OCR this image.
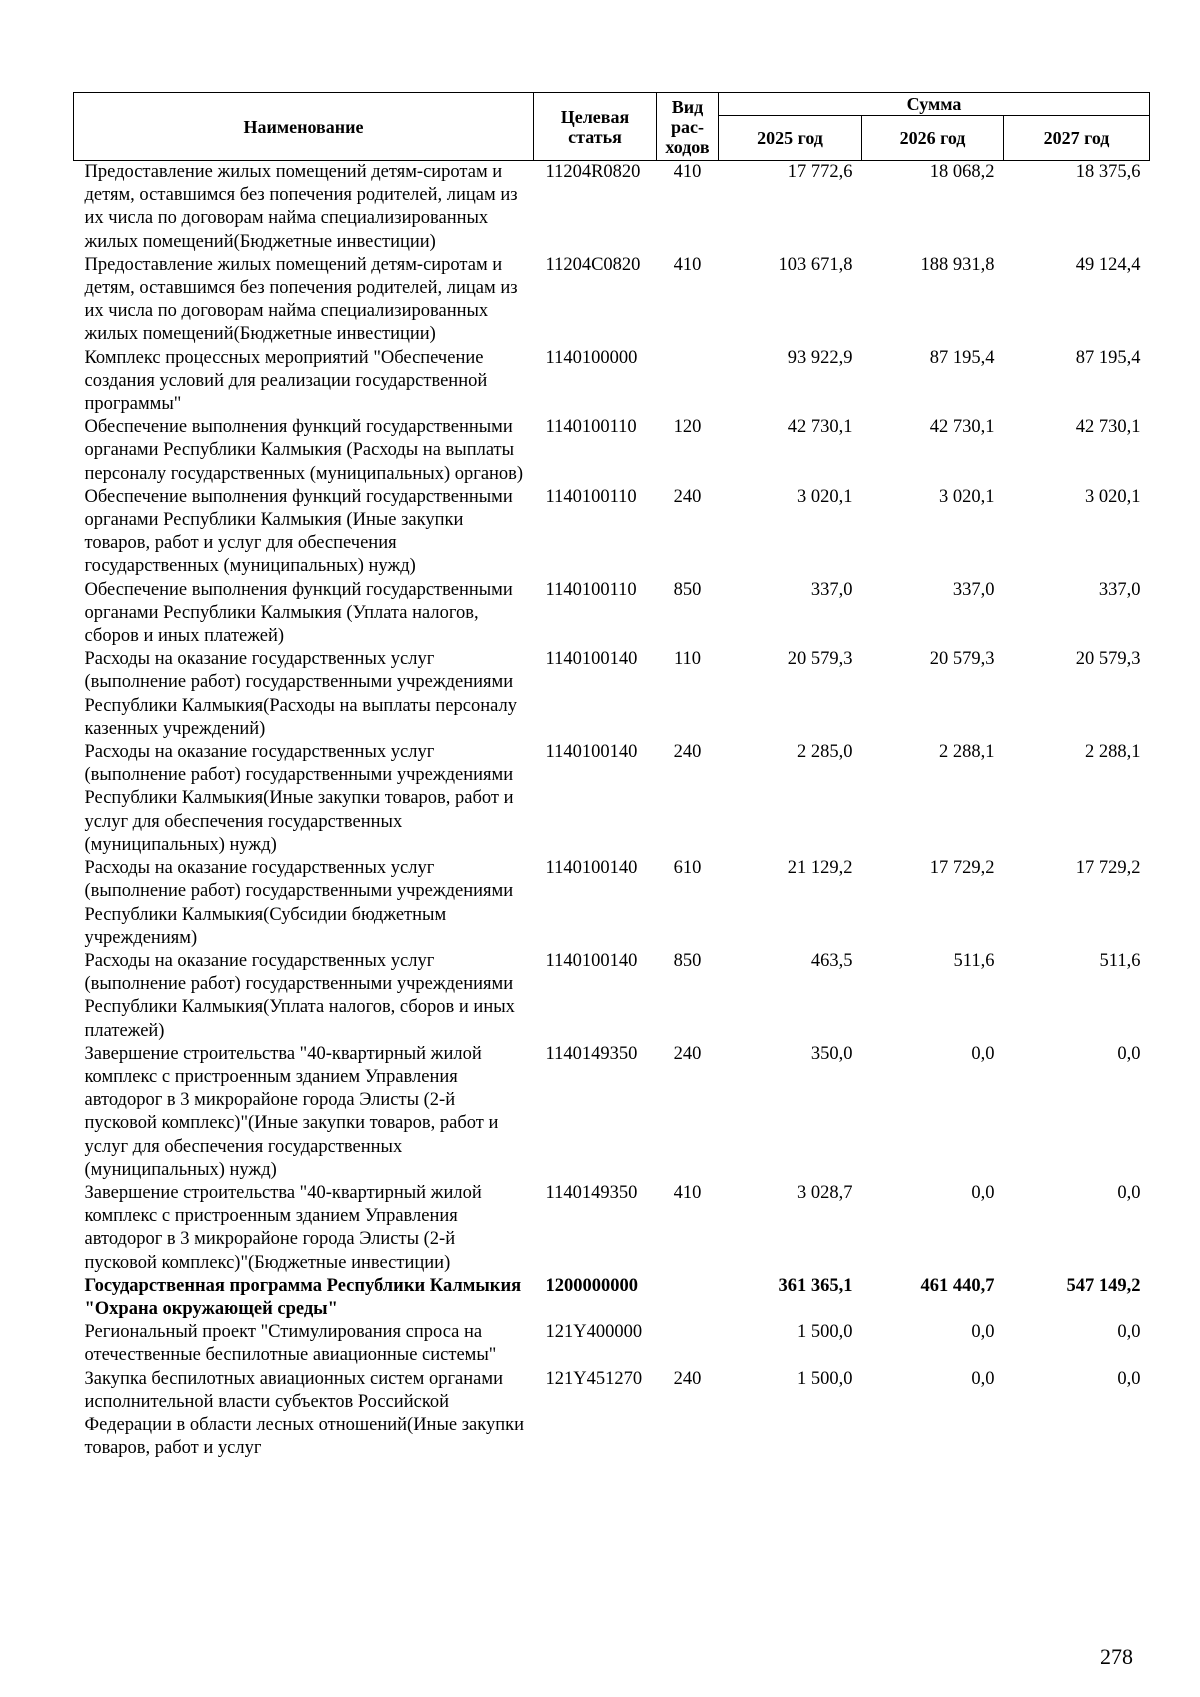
Наименование	Целевая статья	Вид рас- ходов	Сумма		
			2025 год	2026 год	2027 год
Предоставление жилых помещений детям-сиротам и детям, оставшимся без попечения родителей, лицам из их числа по договорам найма специализированных жилых помещений(Бюджетные инвестиции)	11204R0820	410	17 772,6	18 068,2	18 375,6
Предоставление жилых помещений детям-сиротам и детям, оставшимся без попечения родителей, лицам из их числа по договорам найма специализированных жилых помещений(Бюджетные инвестиции)	11204C0820	410	103 671,8	188 931,8	49 124,4
Комплекс процессных мероприятий "Обеспечение создания условий для реализации государственной программы"	1140100000		93 922,9	87 195,4	87 195,4
Обеспечение выполнения функций государственными органами Республики Калмыкия (Расходы на выплаты персоналу государственных (муниципальных) органов)	1140100110	120	42 730,1	42 730,1	42 730,1
Обеспечение выполнения функций государственными органами Республики Калмыкия (Иные закупки товаров, работ и услуг для обеспечения государственных (муниципальных) нужд)	1140100110	240	3 020,1	3 020,1	3 020,1
Обеспечение выполнения функций государственными органами Республики Калмыкия (Уплата налогов, сборов и иных платежей)	1140100110	850	337,0	337,0	337,0
Расходы на оказание государственных услуг (выполнение работ) государственными учреждениями Республики Калмыкия(Расходы на выплаты персоналу казенных учреждений)	1140100140	110	20 579,3	20 579,3	20 579,3
Расходы на оказание государственных услуг (выполнение работ) государственными учреждениями Республики Калмыкия(Иные закупки товаров, работ и услуг для обеспечения государственных (муниципальных) нужд)	1140100140	240	2 285,0	2 288,1	2 288,1
Расходы на оказание государственных услуг (выполнение работ) государственными учреждениями Республики Калмыкия(Субсидии бюджетным учреждениям)	1140100140	610	21 129,2	17 729,2	17 729,2
Расходы на оказание государственных услуг (выполнение работ) государственными учреждениями Республики Калмыкия(Уплата налогов, сборов и иных платежей)	1140100140	850	463,5	511,6	511,6
Завершение строительства "40-квартирный жилой комплекс с пристроенным зданием Управления автодорог в 3 микрорайоне города Элисты (2-й пусковой комплекс)"(Иные закупки товаров, работ и услуг для обеспечения государственных (муниципальных) нужд)	1140149350	240	350,0	0,0	0,0
Завершение строительства "40-квартирный жилой комплекс с пристроенным зданием Управления автодорог в 3 микрорайоне города Элисты (2-й пусковой комплекс)"(Бюджетные инвестиции)	1140149350	410	3 028,7	0,0	0,0
Государственная программа Республики Калмыкия "Охрана окружающей среды"	1200000000		361 365,1	461 440,7	547 149,2
Региональный проект "Стимулирования спроса на отечественные беспилотные авиационные системы"	121Y400000		1 500,0	0,0	0,0
Закупка беспилотных авиационных систем органами исполнительной власти субъектов Российской Федерации в области лесных отношений(Иные закупки товаров, работ и услуг	121Y451270	240	1 500,0	0,0	0,0
278
